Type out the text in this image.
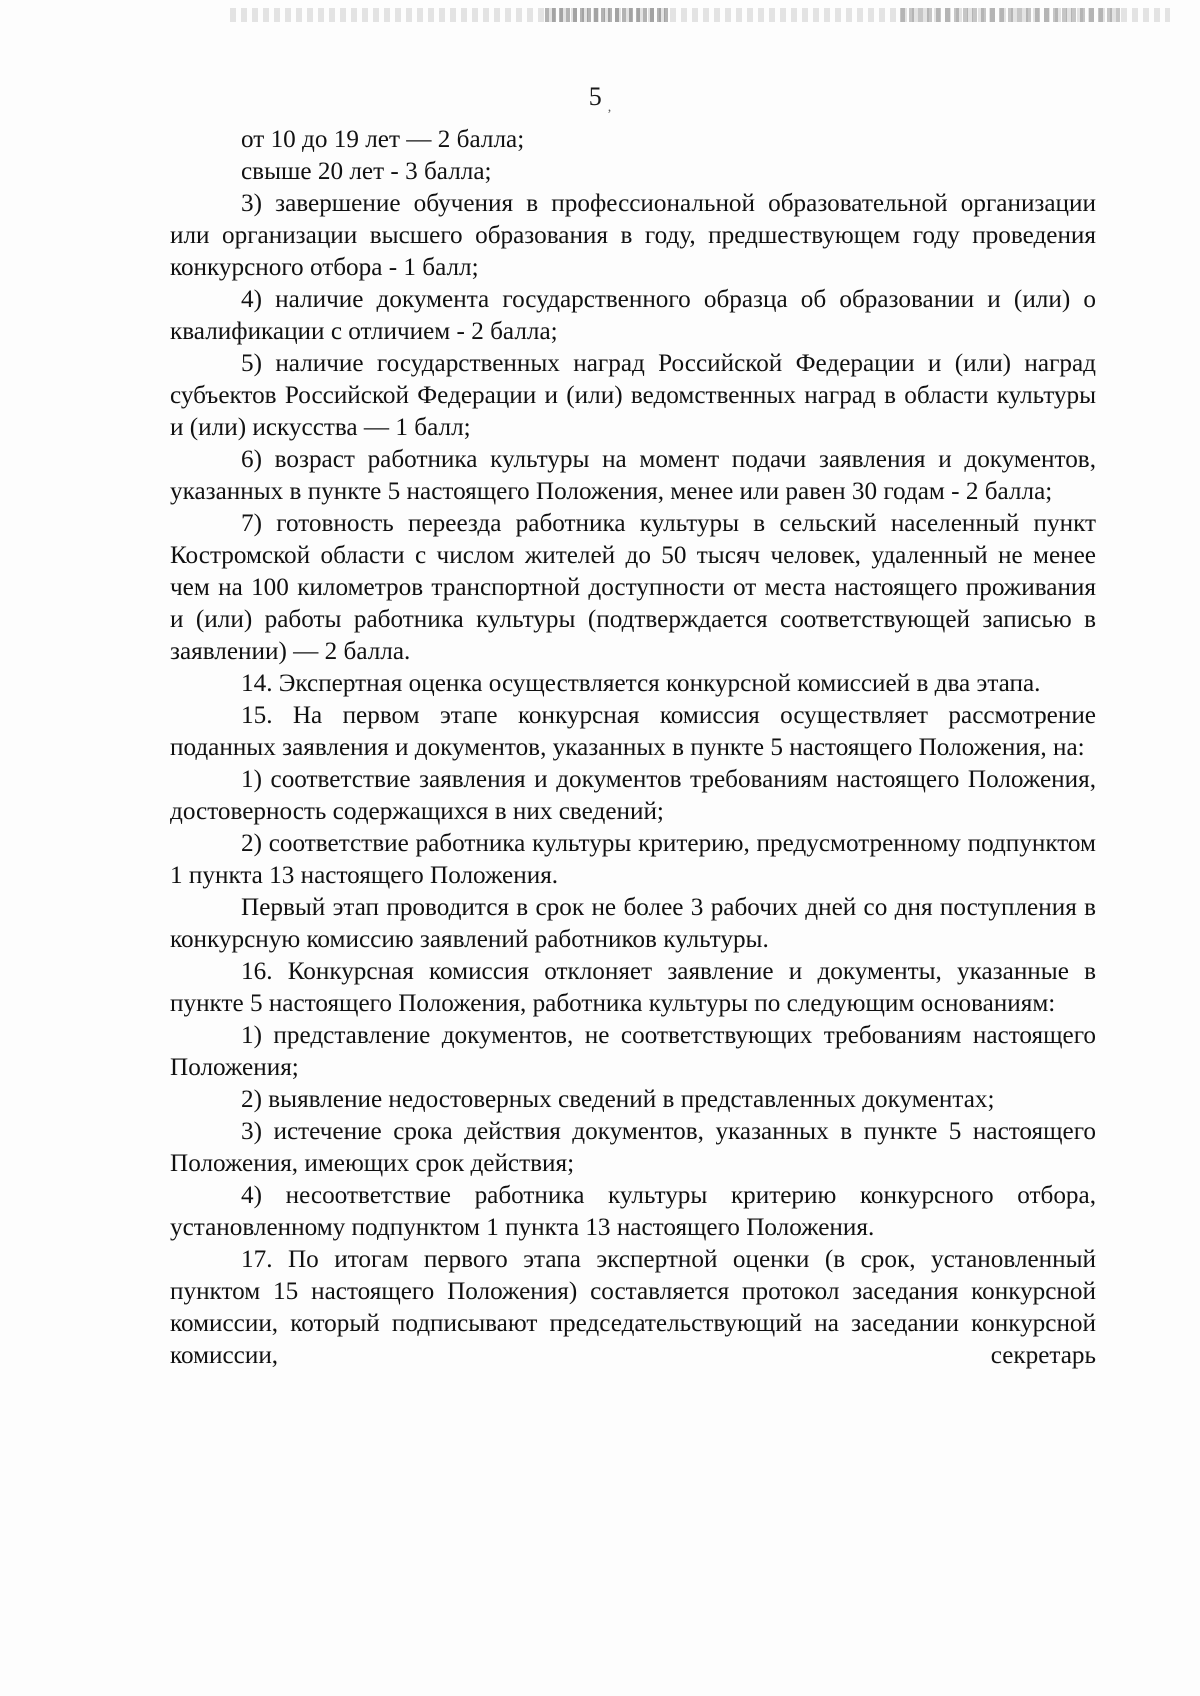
5 $_,$

от 10 до 19 лет — 2 балла;

свыше 20 лет - 3 балла;

3) завершение обучения в профессиональной образовательной организации или организации высшего образования в году, предшествующем году проведения конкурсного отбора - 1 балл;

4) наличие документа государственного образца об образовании и (или) о квалификации с отличием - 2 балла;

5) наличие государственных наград Российской Федерации и (или) наград субъектов Российской Федерации и (или) ведомственных наград в области культуры и (или) искусства — 1 балл;

6) возраст работника культуры на момент подачи заявления и документов, указанных в пункте 5 настоящего Положения, менее или равен 30 годам - 2 балла;

7) готовность переезда работника культуры в сельский населенный пункт Костромской области с числом жителей до 50 тысяч человек, удаленный не менее чем на 100 километров транспортной доступности от места настоящего проживания и (или) работы работника культуры (подтверждается соответствующей записью в заявлении) — 2 балла.

14. Экспертная оценка осуществляется конкурсной комиссией в два этапа.

15. На первом этапе конкурсная комиссия осуществляет рассмотрение поданных заявления и документов, указанных в пункте 5 настоящего Положения, на:

1) соответствие заявления и документов требованиям настоящего Положения, достоверность содержащихся в них сведений;

2) соответствие работника культуры критерию, предусмотренному подпунктом 1 пункта 13 настоящего Положения.

Первый этап проводится в срок не более 3 рабочих дней со дня поступления в конкурсную комиссию заявлений работников культуры.

16. Конкурсная комиссия отклоняет заявление и документы, указанные в пункте 5 настоящего Положения, работника культуры по следующим основаниям:

1) представление документов, не соответствующих требованиям настоящего Положения;

2) выявление недостоверных сведений в представленных документах;

3) истечение срока действия документов, указанных в пункте 5 настоящего Положения, имеющих срок действия;

4) несоответствие работника культуры критерию конкурсного отбора, установленному подпунктом 1 пункта 13 настоящего Положения.

17. По итогам первого этапа экспертной оценки (в срок, установленный пунктом 15 настоящего Положения) составляется протокол заседания конкурсной комиссии, который подписывают председательствующий на заседании конкурсной комиссии, секретарь
